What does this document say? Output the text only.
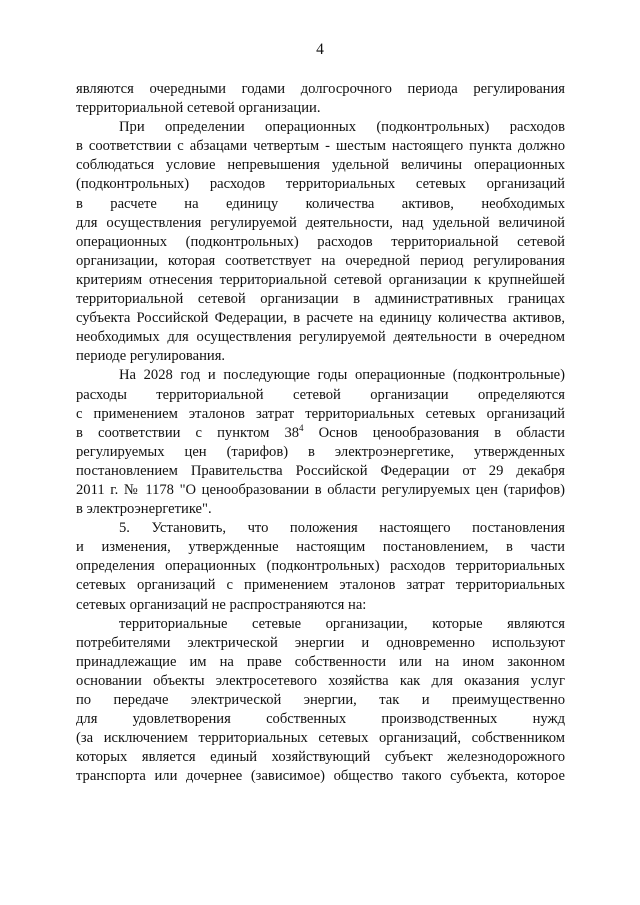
4
являются очередными годами долгосрочного периода регулирования
территориальной сетевой организации.
При определении операционных (подконтрольных) расходов
в соответствии с абзацами четвертым - шестым настоящего пункта должно
соблюдаться условие непревышения удельной величины операционных
(подконтрольных) расходов территориальных сетевых организаций
в расчете на единицу количества активов, необходимых
для осуществления регулируемой деятельности, над удельной величиной
операционных (подконтрольных) расходов территориальной сетевой
организации, которая соответствует на очередной период регулирования
критериям отнесения территориальной сетевой организации к крупнейшей
территориальной сетевой организации в административных границах
субъекта Российской Федерации, в расчете на единицу количества активов,
необходимых для осуществления регулируемой деятельности в очередном
периоде регулирования.
На 2028 год и последующие годы операционные (подконтрольные)
расходы территориальной сетевой организации определяются
с применением эталонов затрат территориальных сетевых организаций
в соответствии с пунктом $38^4$ Основ ценообразования в области
регулируемых цен (тарифов) в электроэнергетике, утвержденных
постановлением Правительства Российской Федерации от 29 декабря
2011 г. № 1178 "О ценообразовании в области регулируемых цен (тарифов)
в электроэнергетике".
5. Установить, что положения настоящего постановления
и изменения, утвержденные настоящим постановлением, в части
определения операционных (подконтрольных) расходов территориальных
сетевых организаций с применением эталонов затрат территориальных
сетевых организаций не распространяются на:
территориальные сетевые организации, которые являются
потребителями электрической энергии и одновременно используют
принадлежащие им на праве собственности или на ином законном
основании объекты электросетевого хозяйства как для оказания услуг
по передаче электрической энергии, так и преимущественно
для удовлетворения собственных производственных нужд
(за исключением территориальных сетевых организаций, собственником
которых является единый хозяйствующий субъект железнодорожного
транспорта или дочернее (зависимое) общество такого субъекта, которое
